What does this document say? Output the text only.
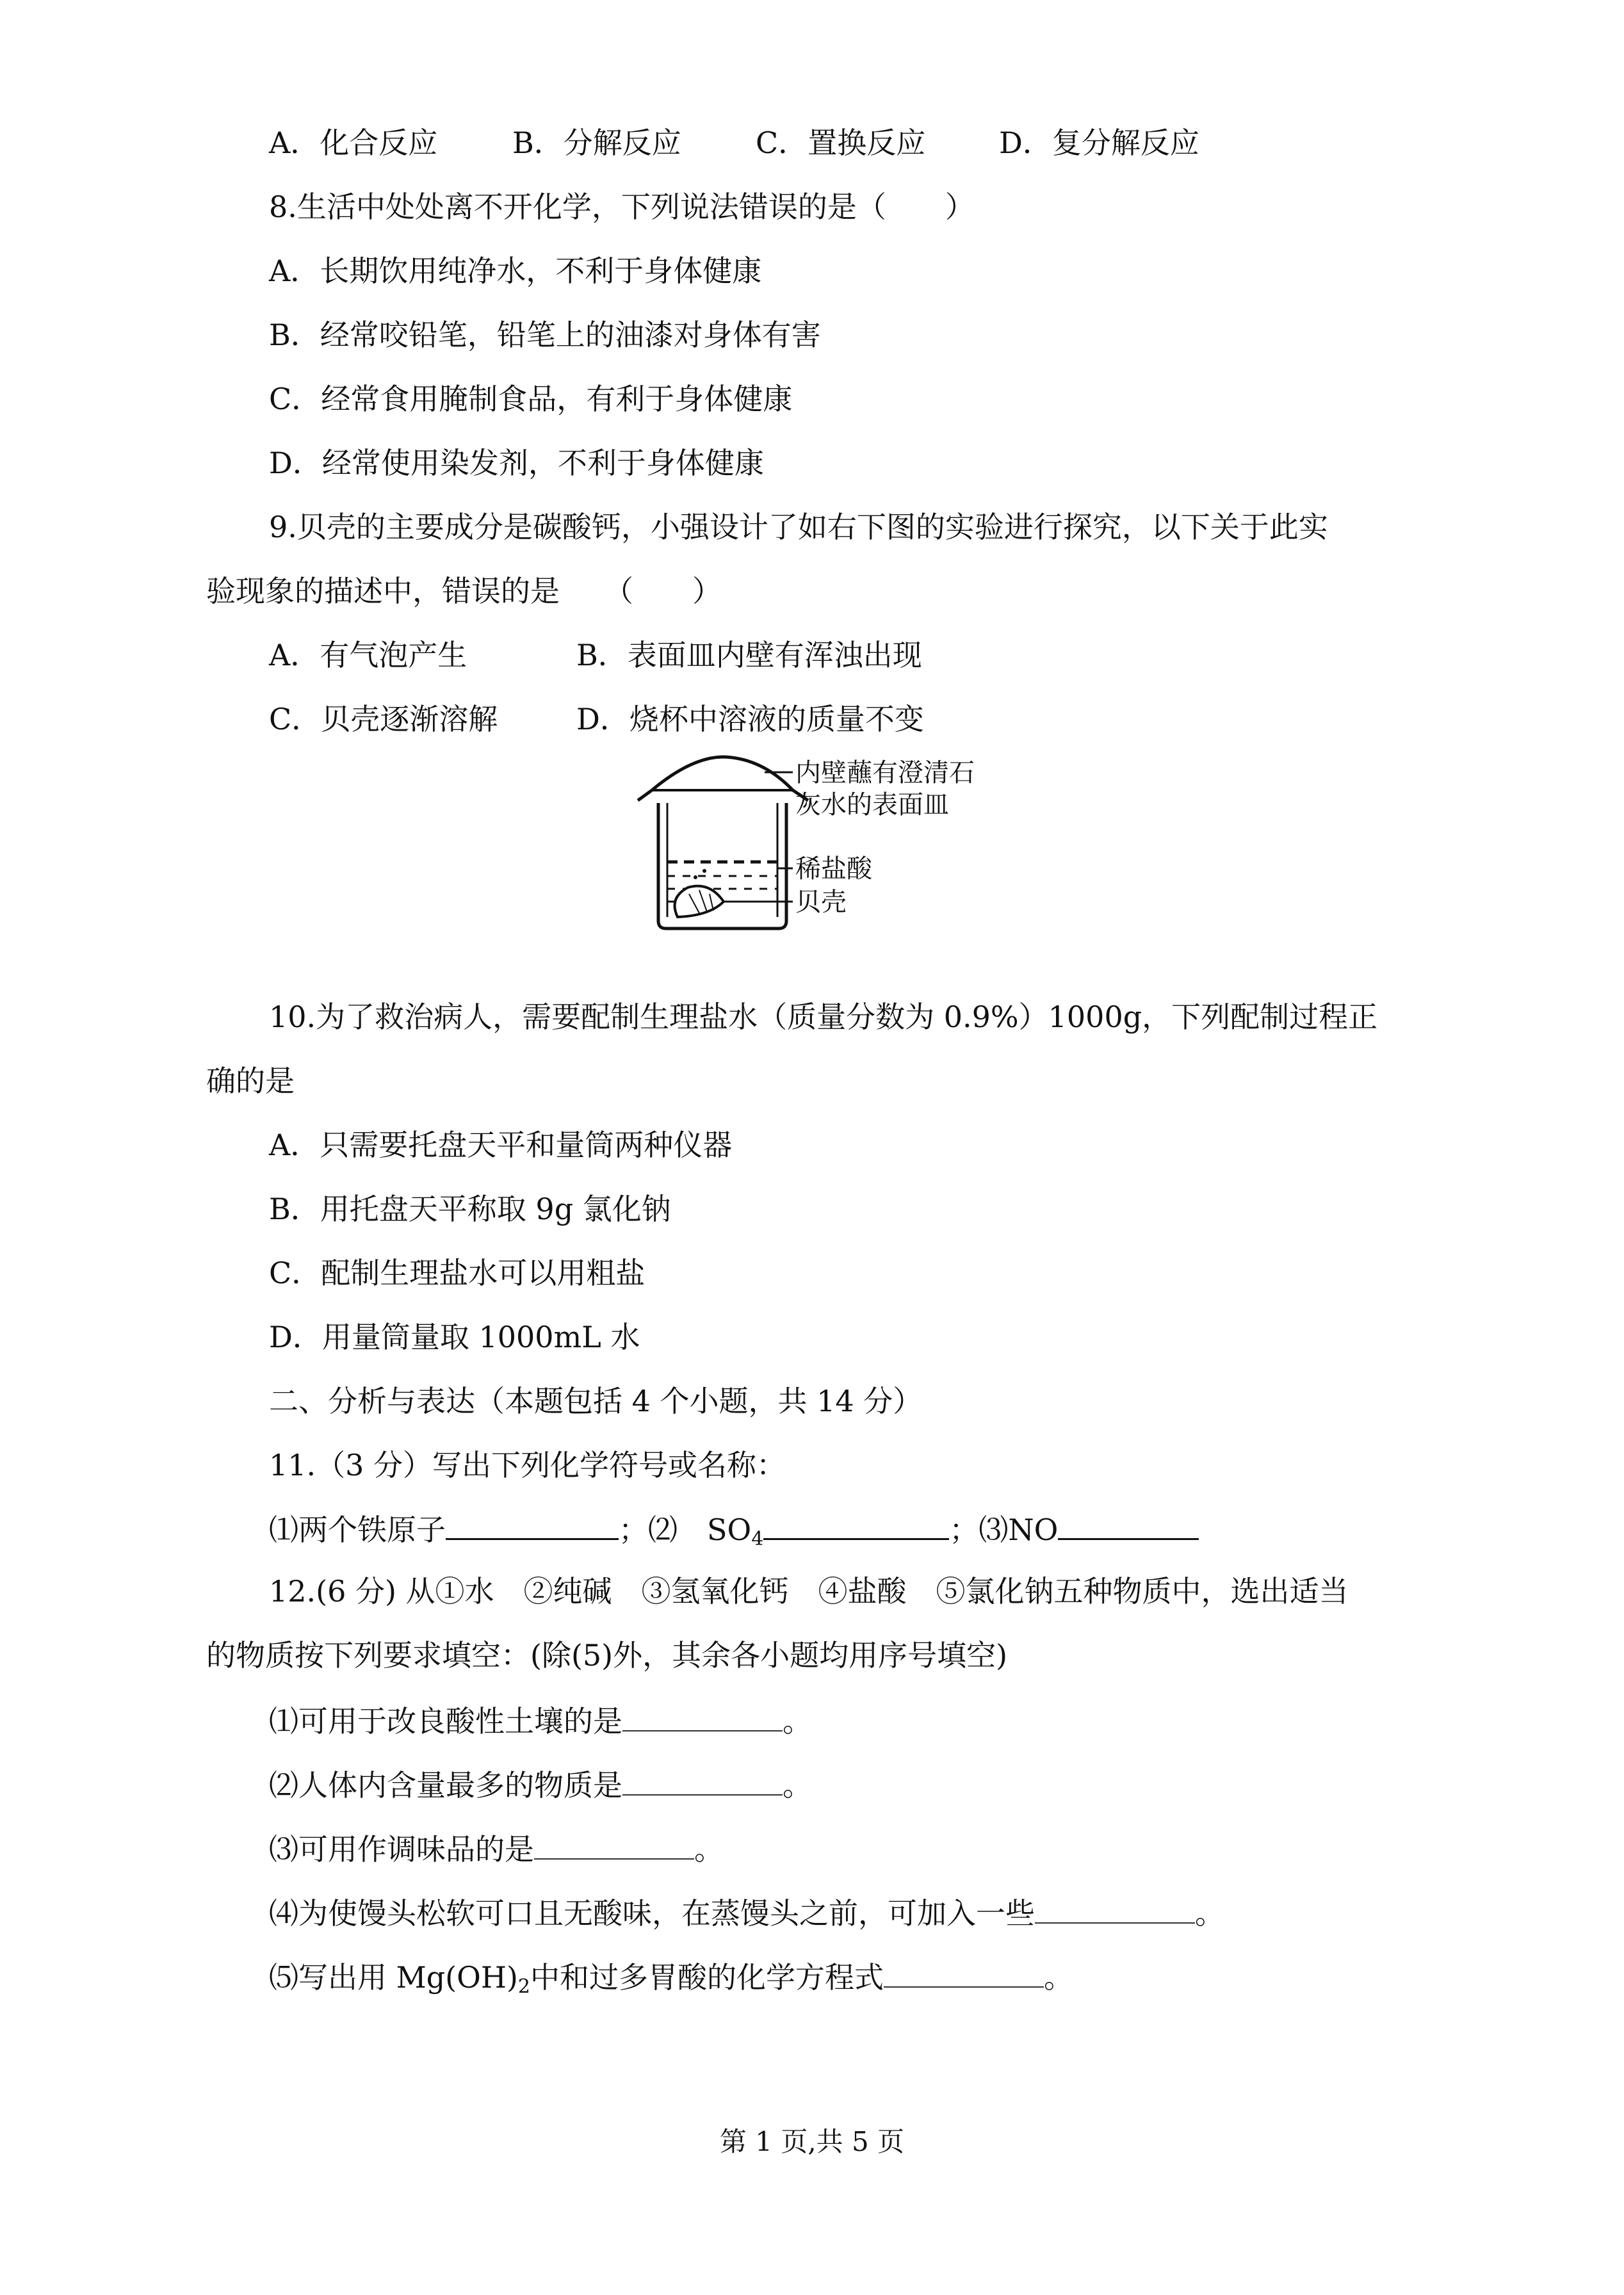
A．化合反应	B．分解反应	C．置换反应 D．复分解反应
8.生活中处处离不开化学，下列说法错误的是（　　）
A．长期饮用纯净水，不利于身体健康
B．经常咬铅笔，铅笔上的油漆对身体有害
C．经常食用腌制食品，有利于身体健康
D．经常使用染发剂，不利于身体健康
9.贝壳的主要成分是碳酸钙，小强设计了如右下图的实验进行探究，以下关于此实
验现象的描述中，错误的是　　（　　）
A．有气泡产生	B．表面皿内壁有浑浊出现
C．贝壳逐渐溶解	D．烧杯中溶液的质量不变
内壁蘸有澄清石
灰水的表面皿
稀盐酸
贝壳
10.为了救治病人，需要配制生理盐水（质量分数为 0.9%）1000g，下列配制过程正
确的是
A．只需要托盘天平和量筒两种仪器
B．用托盘天平称取 9g 氯化钠
C．配制生理盐水可以用粗盐
D．用量筒量取 1000mL 水
二、分析与表达（本题包括 4 个小题，共 14 分）
11.（3 分）写出下列化学符号或名称：
⑴两个铁原子	；⑵　$SO_4$	；⑶NO
12.(6 分) 从①水　②纯碱　③氢氧化钙　④盐酸　⑤氯化钠五种物质中，选出适当
的物质按下列要求填空：(除(5)外，其余各小题均用序号填空)
⑴可用于改良酸性土壤的是	。
⑵人体内含量最多的物质是	。
⑶可用作调味品的是	。
⑷为使馒头松软可口且无酸味，在蒸馒头之前，可加入一些	。
⑸写出用 $Mg(OH)_2$中和过多胃酸的化学方程式	。
第 1 页,共 5 页
